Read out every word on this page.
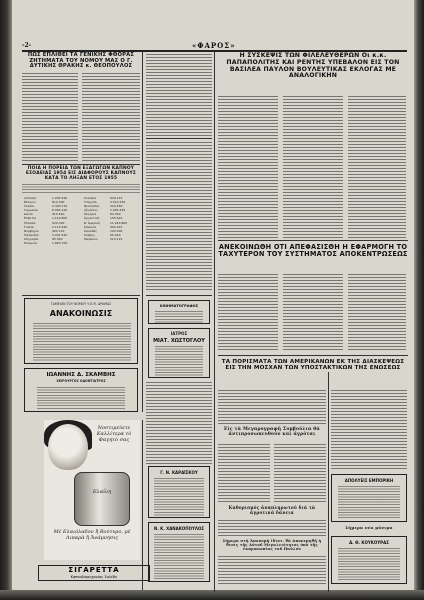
-2-	«ΦΑΡΟΣ»
ΠΩΣ ΕΠΛΙΘΕΙ ΤΑ ΓΕΝΙΚΗΣ ΦΘΟΡΑΣ ΖΗΤΗΜΑΤΑ ΤΟΥ ΝΟΜΟΥ ΜΑΣ Ο Γ. ΔΥΤΙΚΗΣ ΘΡΑΚΗΣ κ. ΘΕΟΠΟΥΛΟΣ
ΠΟΙΑ Η ΠΟΡΕΙΑ ΤΩΝ ΕΞΑΓΩΓΩΝ ΚΑΠΝΟΥ ΕΣΟΔΕΙΑΣ 1954 ΕΙΣ ΔΙΑΦΟΡΟΥΣ ΚΑΠΝΟΥΣ ΚΑΤΑ ΤΟ ΛΗΞΑΝ ΕΤΟΣ 1955
Αὐστρία
Βέλγιον
Γαλλία
Γερμανία
Δανία
Ἑλβετία
Ἰσπανία
Ἰταλία
Νορβηγία
Ὁλλανδία
Οὑγγαρία
Πολωνία
1.204.560
812.300
2.340.115
8.905.220
310.440
1.110.805
520.300
2.115.620
402.110
3.201.540
95.300
1.820.700
Σουηδία
Τσεχοσλ.
Φινλανδία
Αἴγυπτος
Ἀλγερία
Ἀργεντινή
Β. Ἀμερική
Ἰαπωνία
Καναδᾶς
Κύπρος
Μαρόκον
640.115
2.510.330
210.450
1.005.220
84.300
155.610
11.240.800
402.915
120.300
65.440
210.115
ΤΑΜΕΙΟΝ ΤΟΥ ΝΟΜΟΥ Υ.Π.Θ. ΔΡΑΜΑΣ
ΑΝΑΚΟΙΝΩΣΙΣ
ΙΩΑΝΝΗΣ Δ. ΣΚΑΜΒΗΣ
ΧΕΙΡΟΥΡΓΟΣ ΟΔΟΝΤΙΑΤΡΟΣ
Νοστιμεύετε Καλλίτερα τὸ Φαγητὸ σας
Ελαΐνη
Μὲ Ελαιόλαδον ἢ Βούτυρο, μὲ Λιπαρὰ ἢ Ἀνάμνησις
ΣΙΓΑΡΕΤΤΑ
Καπνοβιομηχανίας Σαλέβη
ΚΙΝΗΜΑΤΟΓΡΑΦΟΣ
ΙΑΤΡΟΣ
ΜΙΑΤ. ΧΩΣΤΟΓΛΟΥ
Γ. Ν. ΚΑΡΑΪΣΚΟΥ
Ν. Κ. ΧΑΝΑΚΟΠΟΥΛΟΣ
Η ΣΥΣΚΕΨΙΣ ΤΩΝ ΦΙΛΕΛΕΥΘΕΡΩΝ Οι κ.κ. ΠΑΠΑΠΟΛΙΤΗΣ ΚΑΙ ΡΕΝΤΗΣ ΥΠΕΒΑΛΟΝ ΕΙΣ ΤΟΝ ΒΑΣΙΛΕΑ ΠΑΥΛΟΝ ΒΟΥΛΕΥΤΙΚΑΣ ΕΚΛΟΓΑΣ ΜΕ ΑΝΑΛΟΓΙΚΗΝ
ΑΝΕΚΟΙΝΩΘΗ ΟΤΙ ΑΠΕΦΑΣΙΣΘΗ Η ΕΦΑΡΜΟΓΗ ΤΟ ΤΑΧΥΤΕΡΟΝ ΤΟΥ ΣΥΣΤΗΜΑΤΟΣ ΑΠΟΚΕΝΤΡΩΣΕΩΣ
ΤΑ ΠΟΡΙΣΜΑΤΑ ΤΩΝ ΑΜΕΡΙΚΑΝΩΝ ΕΚ ΤΗΣ ΔΙΑΣΚΕΨΕΩΣ ΕΙΣ ΤΗΝ ΜΟΣΧΑΝ ΤΩΝ ΥΠΟΣΤΑΚΤΙΚΩΝ ΤΗΣ ΕΝΩΣΕΩΣ
Εἰς τὰ Μεγαρογραφῆ Συμβούλια θὰ ἀντιπροσωπευθοῦν καὶ ἀγρόται
Καθορισμὸς ἀναπληρωτοῦ διὰ τὰ ἀγροτικὰ δάνεια
Σήμερα στὴ Ἀπονομὴ ἰδιοτ. θὰ ἀπονεμηθῆ ἡ θεσις τῆς Αὐτοῦ Μεγαλειότητος ὑπὸ τῆς ἐκπροσωπίας τοῦ Παύλου
ΑΠΟΛΥΕΙΣ ΕΜΠΟΡΙΚΗ
Σήμερα νέα μόνιμα
Δ. Θ. ΚΟΥΚΟΥΡΑΣ
